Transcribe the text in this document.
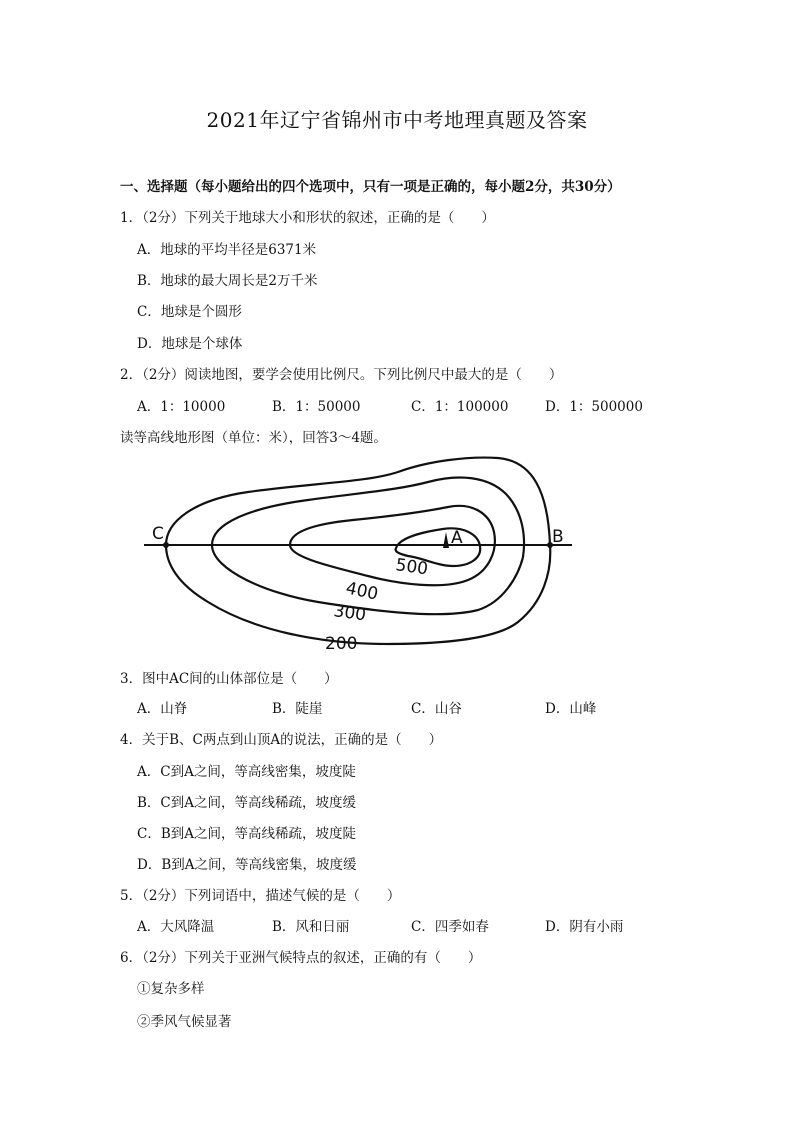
2021年辽宁省锦州市中考地理真题及答案
一、选择题（每小题给出的四个选项中，只有一项是正确的，每小题2分，共30分）
1．（2分）下列关于地球大小和形状的叙述，正确的是（　　）
A．地球的平均半径是6371米
B．地球的最大周长是2万千米
C．地球是个圆形
D．地球是个球体
2．（2分）阅读地图，要学会使用比例尺。下列比例尺中最大的是（　　）
A．1：10000	B．1：50000	C．1：100000	D．1：500000
读等高线地形图（单位：米），回答3～4题。
C	B
A
500
400
300
200
3．图中AC间的山体部位是（　　）
A．山脊	B．陡崖	C．山谷	D．山峰
4．关于B、C两点到山顶A的说法，正确的是（　　）
A．C到A之间，等高线密集，坡度陡
B．C到A之间，等高线稀疏，坡度缓
C．B到A之间，等高线稀疏，坡度陡
D．B到A之间，等高线密集，坡度缓
5．（2分）下列词语中，描述气候的是（　　）
A．大风降温	B．风和日丽	C．四季如春	D．阴有小雨
6．（2分）下列关于亚洲气候特点的叙述，正确的有（　　）
①复杂多样
②季风气候显著
